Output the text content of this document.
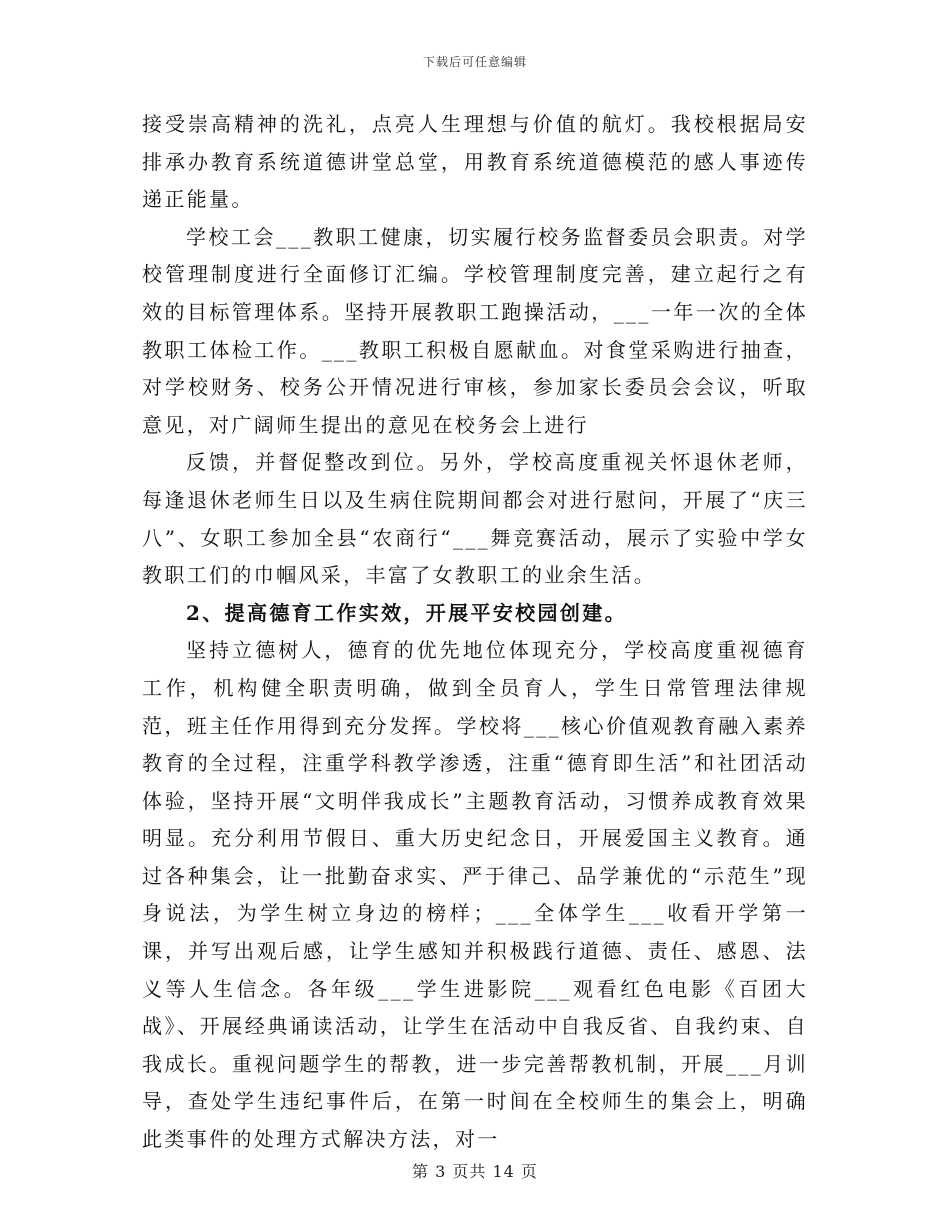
下载后可任意编辑

接受崇高精神的洗礼，点亮人生理想与价值的航灯。我校根据局安排承办教育系统道德讲堂总堂，用教育系统道德模范的感人事迹传递正能量。

学校工会___教职工健康，切实履行校务监督委员会职责。对学校管理制度进行全面修订汇编。学校管理制度完善，建立起行之有效的目标管理体系。坚持开展教职工跑操活动，___一年一次的全体教职工体检工作。___教职工积极自愿献血。对食堂采购进行抽查，对学校财务、校务公开情况进行审核，参加家长委员会会议，听取意见，对广阔师生提出的意见在校务会上进行

反馈，并督促整改到位。另外，学校高度重视关怀退休老师，每逢退休老师生日以及生病住院期间都会对进行慰问，开展了“庆三八”、女职工参加全县“农商行“___舞竞赛活动，展示了实验中学女教职工们的巾帼风采，丰富了女教职工的业余生活。

2、提高德育工作实效，开展平安校园创建。

坚持立德树人，德育的优先地位体现充分，学校高度重视德育工作，机构健全职责明确，做到全员育人，学生日常管理法律规范，班主任作用得到充分发挥。学校将___核心价值观教育融入素养教育的全过程，注重学科教学渗透，注重“德育即生活”和社团活动体验，坚持开展“文明伴我成长”主题教育活动，习惯养成教育效果明显。充分利用节假日、重大历史纪念日，开展爱国主义教育。通过各种集会，让一批勤奋求实、严于律己、品学兼优的“示范生”现身说法，为学生树立身边的榜样；___全体学生___收看开学第一课，并写出观后感，让学生感知并积极践行道德、责任、感恩、法义等人生信念。各年级___学生进影院___观看红色电影《百团大战》、开展经典诵读活动，让学生在活动中自我反省、自我约束、自我成长。重视问题学生的帮教，进一步完善帮教机制，开展___月训导，查处学生违纪事件后，在第一时间在全校师生的集会上，明确此类事件的处理方式解决方法，对一

第 3 页共 14 页
